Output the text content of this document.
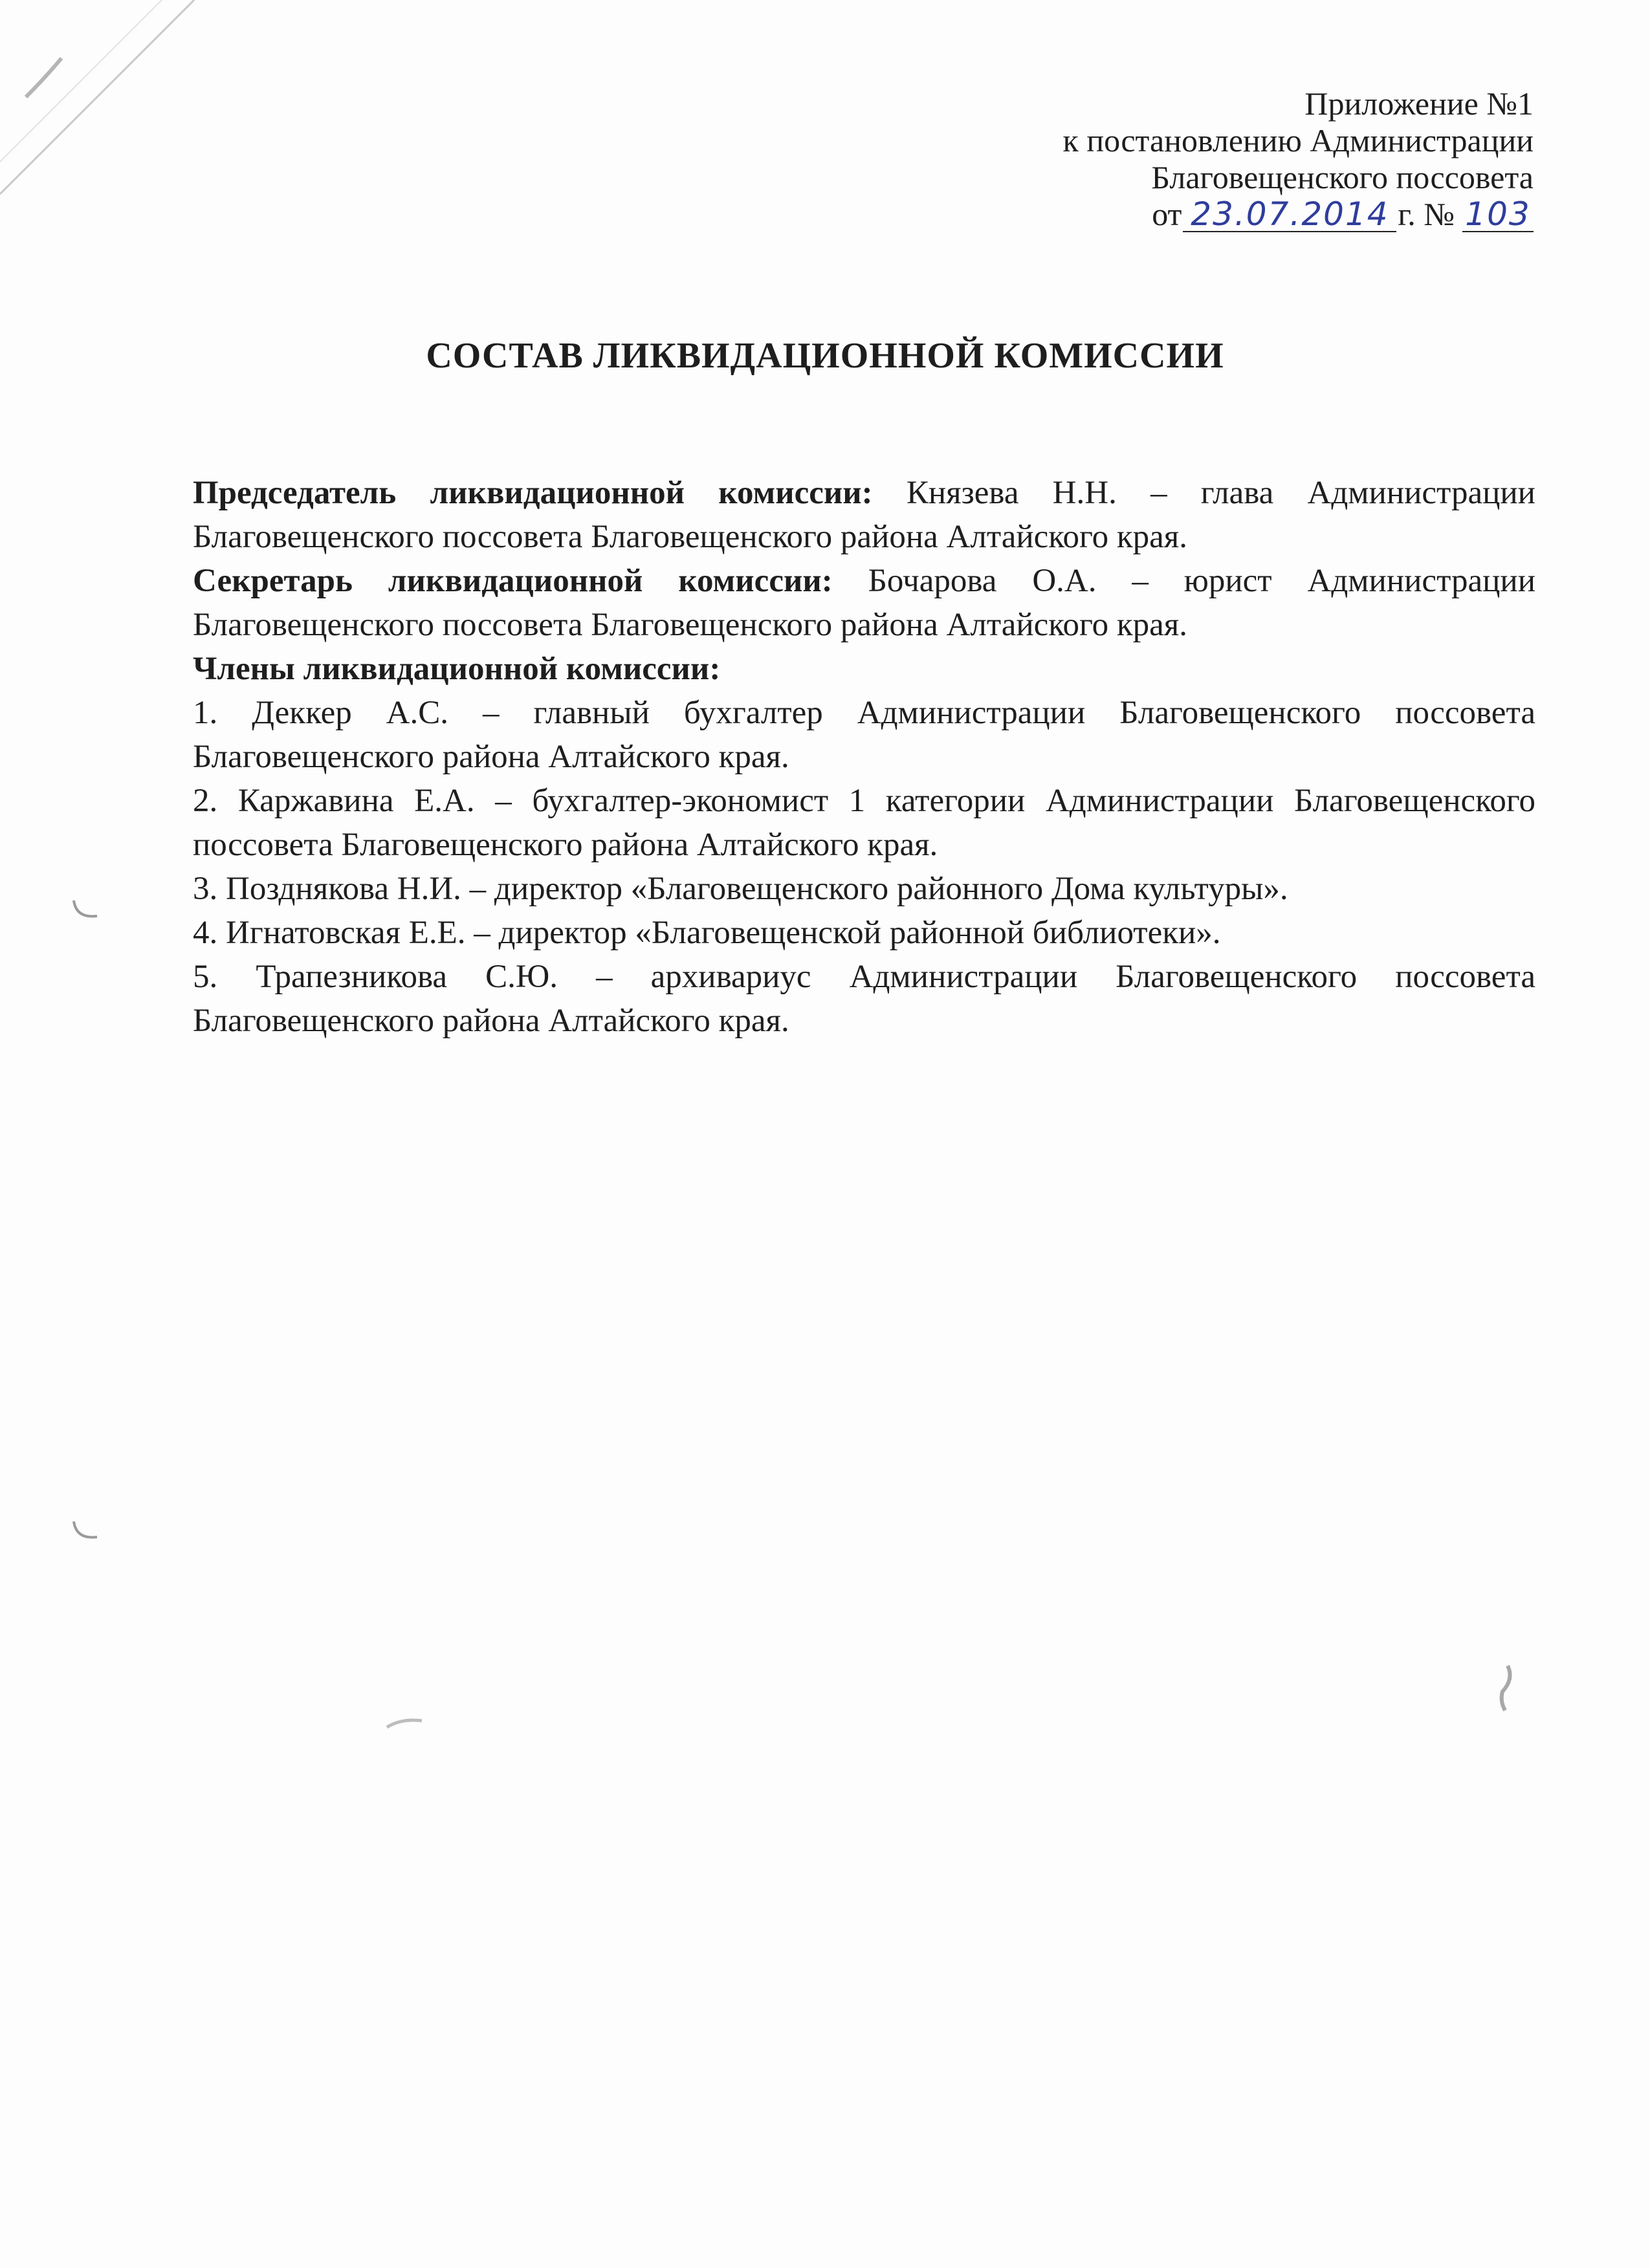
Приложение №1
к постановлению Администрации
Благовещенского поссовета
от 23.07.2014 г. № 103
СОСТАВ ЛИКВИДАЦИОННОЙ КОМИССИИ

Председатель ликвидационной комиссии: Князева Н.Н. – глава Администрации Благовещенского поссовета Благовещенского района Алтайского края.

Секретарь ликвидационной комиссии: Бочарова О.А. – юрист Администрации Благовещенского поссовета Благовещенского района Алтайского края.

Члены ликвидационной комиссии:

1. Деккер А.С. – главный бухгалтер Администрации Благовещенского поссовета Благовещенского района Алтайского края.

2. Каржавина Е.А. – бухгалтер-экономист 1 категории Администрации Благовещенского поссовета Благовещенского района Алтайского края.

3. Позднякова Н.И. – директор «Благовещенского районного Дома культуры».

4. Игнатовская Е.Е. – директор «Благовещенской районной библиотеки».

5. Трапезникова С.Ю. – архивариус Администрации Благовещенского поссовета Благовещенского района Алтайского края.
